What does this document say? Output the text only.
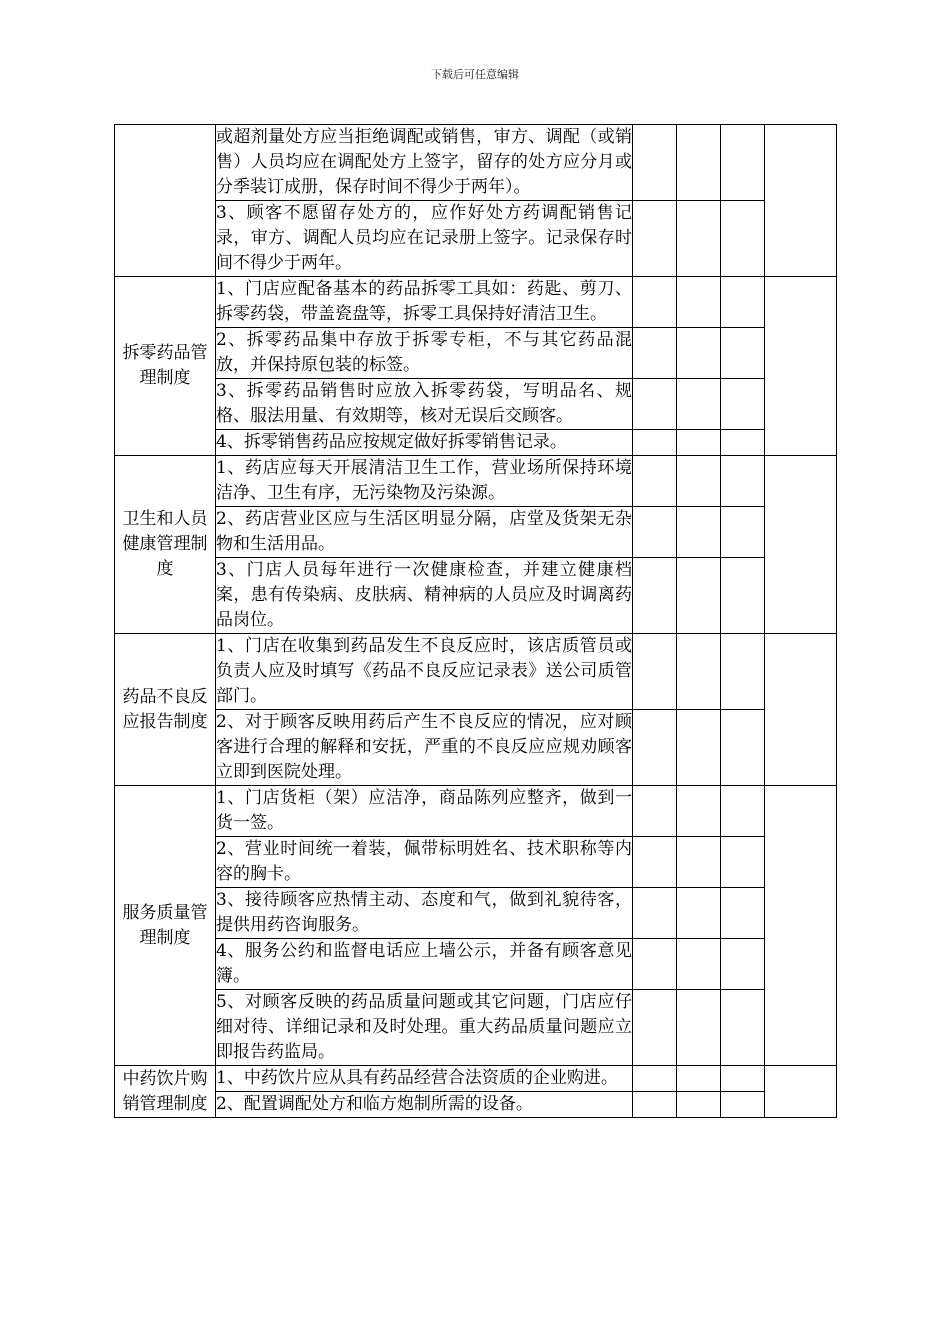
下载后可任意编辑
	或超剂量处方应当拒绝调配或销售，审方、调配（或销售）人员均应在调配处方上签字，留存的处方应分月或分季装订成册，保存时间不得少于两年）。				
	3、顾客不愿留存处方的，应作好处方药调配销售记录，审方、调配人员均应在记录册上签字。记录保存时间不得少于两年。				
拆零药品管理制度	1、门店应配备基本的药品拆零工具如：药匙、剪刀、拆零药袋，带盖瓷盘等，拆零工具保持好清洁卫生。				
	2、拆零药品集中存放于拆零专柜，不与其它药品混放，并保持原包装的标签。				
	3、拆零药品销售时应放入拆零药袋，写明品名、规格、服法用量、有效期等，核对无误后交顾客。				
	4、拆零销售药品应按规定做好拆零销售记录。				
卫生和人员健康管理制度	1、药店应每天开展清洁卫生工作，营业场所保持环境洁净、卫生有序，无污染物及污染源。				
	2、药店营业区应与生活区明显分隔，店堂及货架无杂物和生活用品。				
	3、门店人员每年进行一次健康检查，并建立健康档案，患有传染病、皮肤病、精神病的人员应及时调离药品岗位。				
药品不良反应报告制度	1、门店在收集到药品发生不良反应时，该店质管员或负责人应及时填写《药品不良反应记录表》送公司质管部门。				
	2、对于顾客反映用药后产生不良反应的情况，应对顾客进行合理的解释和安抚，严重的不良反应应规劝顾客立即到医院处理。				
服务质量管理制度	1、门店货柜（架）应洁净，商品陈列应整齐，做到一货一签。				
	2、营业时间统一着装，佩带标明姓名、技术职称等内容的胸卡。				
	3、接待顾客应热情主动、态度和气，做到礼貌待客，提供用药咨询服务。				
	4、服务公约和监督电话应上墙公示，并备有顾客意见簿。				
	5、对顾客反映的药品质量问题或其它问题，门店应仔细对待、详细记录和及时处理。重大药品质量问题应立即报告药监局。				
中药饮片购销管理制度	1、中药饮片应从具有药品经营合法资质的企业购进。				
	2、配置调配处方和临方炮制所需的设备。				
